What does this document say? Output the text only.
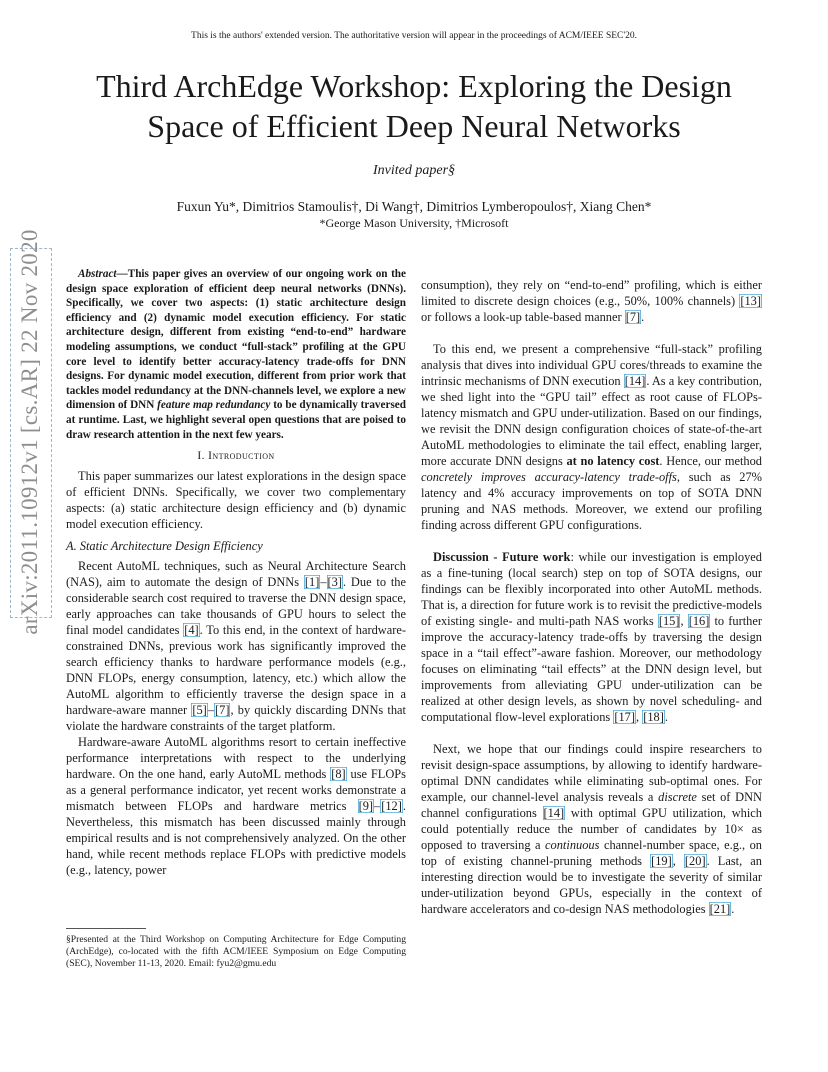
This is the authors' extended version. The authoritative version will appear in the proceedings of ACM/IEEE SEC'20.
Third ArchEdge Workshop: Exploring the Design
Space of Efficient Deep Neural Networks
Invited paper§
Fuxun Yu*, Dimitrios Stamoulis†, Di Wang†, Dimitrios Lymberopoulos†, Xiang Chen*
*George Mason University, †Microsoft
arXiv:2011.10912v1 [cs.AR] 22 Nov 2020	Abstract—This paper gives an overview of our ongoing work on the design space exploration of efficient deep neural networks (DNNs). Specifically, we cover two aspects: (1) static architecture design efficiency and (2) dynamic model execution efficiency. For static architecture design, different from existing “end-to-end” hardware modeling assumptions, we conduct “full-stack” profiling at the GPU core level to identify better accuracy-latency trade-offs for DNN designs. For dynamic model execution, different from prior work that tackles model redundancy at the DNN-channels level, we explore a new dimension of DNN feature map redundancy to be dynamically traversed at runtime. Last, we highlight several open questions that are poised to draw research attention in the next few years.

I. Introduction

This paper summarizes our latest explorations in the design space of efficient DNNs. Specifically, we cover two complementary aspects: (a) static architecture design efficiency and (b) dynamic model execution efficiency.

A. Static Architecture Design Efficiency

Recent AutoML techniques, such as Neural Architecture Search (NAS), aim to automate the design of DNNs [1]–[3]. Due to the considerable search cost required to traverse the DNN design space, early approaches can take thousands of GPU hours to select the final model candidates [4]. To this end, in the context of hardware-constrained DNNs, previous work has significantly improved the search efficiency thanks to hardware performance models (e.g., DNN FLOPs, energy consumption, latency, etc.) which allow the AutoML algorithm to efficiently traverse the design space in a hardware-aware manner [5]–[7], by quickly discarding DNNs that violate the hardware constraints of the target platform.

Hardware-aware AutoML algorithms resort to certain ineffective performance interpretations with respect to the underlying hardware. On the one hand, early AutoML methods [8] use FLOPs as a general performance indicator, yet recent works demonstrate a mismatch between FLOPs and hardware metrics [9]–[12]. Nevertheless, this mismatch has been discussed mainly through empirical results and is not comprehensively analyzed. On the other hand, while recent methods replace FLOPs with predictive models (e.g., latency, power

§Presented at the Third Workshop on Computing Architecture for Edge Computing (ArchEdge), co-located with the fifth ACM/IEEE Symposium on Edge Computing (SEC), November 11-13, 2020. Email: fyu2@gmu.edu

consumption), they rely on “end-to-end” profiling, which is either limited to discrete design choices (e.g., 50%, 100% channels) [13] or follows a look-up table-based manner [7].

To this end, we present a comprehensive “full-stack” profiling analysis that dives into individual GPU cores/threads to examine the intrinsic mechanisms of DNN execution [14]. As a key contribution, we shed light into the “GPU tail” effect as root cause of FLOPs-latency mismatch and GPU under-utilization. Based on our findings, we revisit the DNN design configuration choices of state-of-the-art AutoML methodologies to eliminate the tail effect, enabling larger, more accurate DNN designs at no latency cost. Hence, our method concretely improves accuracy-latency trade-offs, such as 27% latency and 4% accuracy improvements on top of SOTA DNN pruning and NAS methods. Moreover, we extend our profiling finding across different GPU configurations.

Discussion - Future work: while our investigation is employed as a fine-tuning (local search) step on top of SOTA designs, our findings can be flexibly incorporated into other AutoML methods. That is, a direction for future work is to revisit the predictive-models of existing single- and multi-path NAS works [15], [16] to further improve the accuracy-latency trade-offs by traversing the design space in a “tail effect”-aware fashion. Moreover, our methodology focuses on eliminating “tail effects” at the DNN design level, but improvements from alleviating GPU under-utilization can be realized at other design levels, as shown by novel scheduling- and computational flow-level explorations [17], [18].

Next, we hope that our findings could inspire researchers to revisit design-space assumptions, by allowing to identify hardware-optimal DNN candidates while eliminating sub-optimal ones. For example, our channel-level analysis reveals a discrete set of DNN channel configurations [14] with optimal GPU utilization, which could potentially reduce the number of candidates by 10× as opposed to traversing a continuous channel-number space, e.g., on top of existing channel-pruning methods [19], [20]. Last, an interesting direction would be to investigate the severity of similar under-utilization beyond GPUs, especially in the context of hardware accelerators and co-design NAS methodologies [21].
